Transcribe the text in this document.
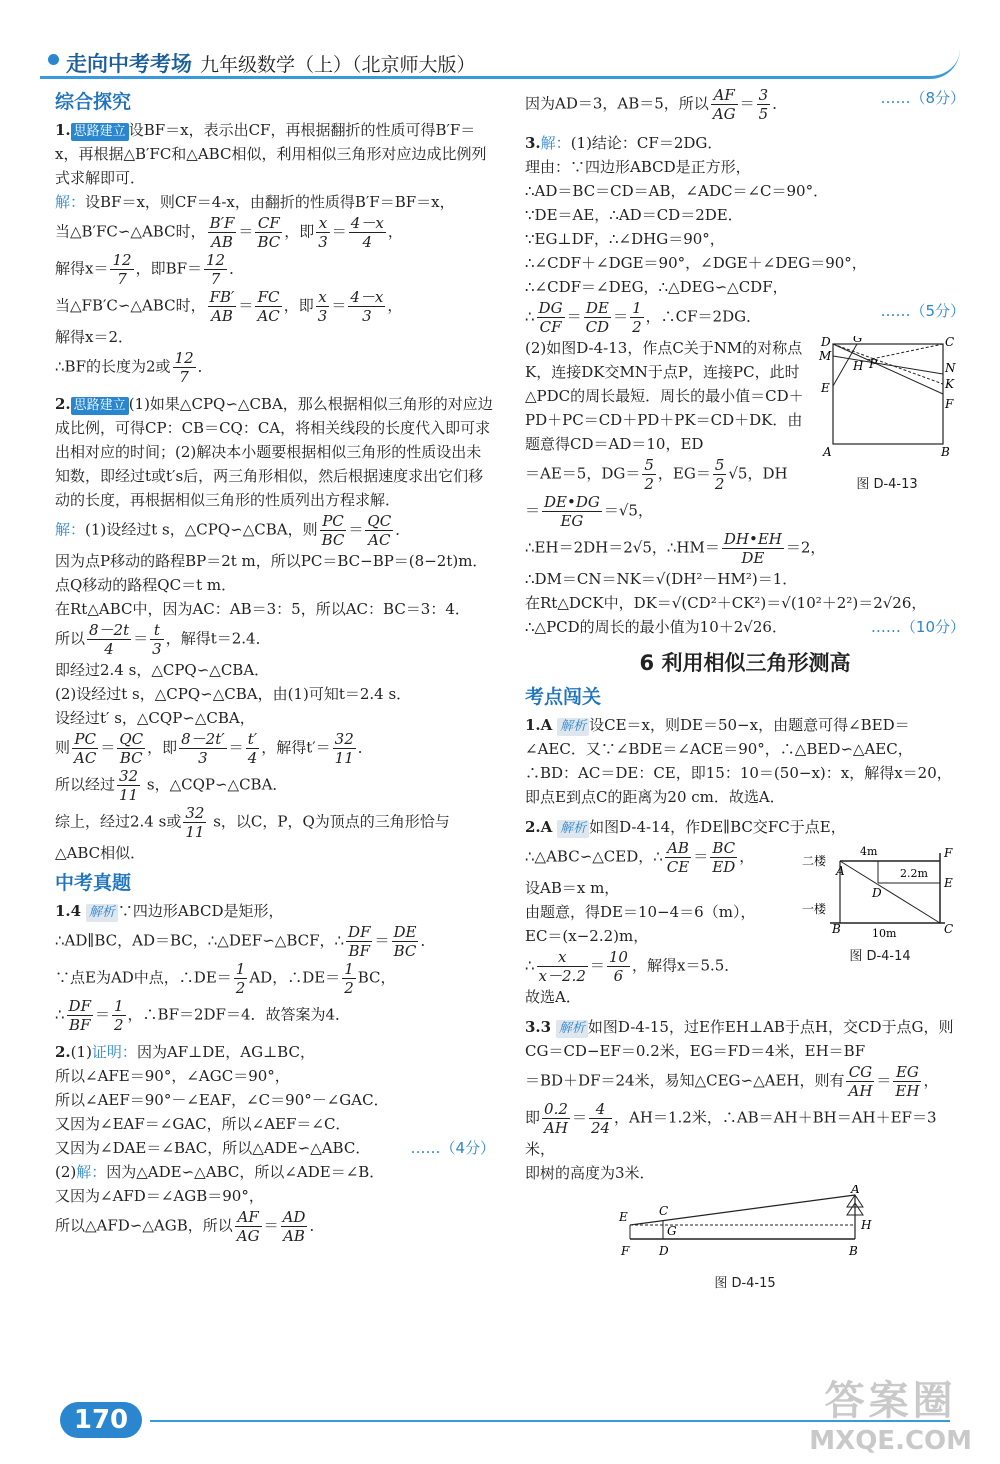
走向中考考场 九年级数学（上）（北京师大版）
综合探究
1. 思路建立 设BF＝x，表示出CF，再根据翻折的性质可得B′F＝x，再根据△B′FC和△ABC相似，利用相似三角形对应边成比例列式求解即可．
解：设BF＝x，则CF＝4-x，由翻折的性质得B′F＝BF＝x，
当△B′FC∽△ABC时， $\frac{B'F}{AB} = \frac{CF}{BC}$ ，即 $\frac{x}{3} = \frac{4-x}{4}$ ，
解得$x= \frac{12}{7}$ ，即$BF= \frac{12}{7}$ ．
当△FB′C∽△ABC时， $\frac{FB'}{AB} = \frac{FC}{AC}$ ，即 $\frac{x}{3} = \frac{4-x}{3}$ ，
解得x＝2．
∴BF的长度为2或 $\frac{12}{7}$ ．
2. 思路建立 (1)如果△CPQ∽△CBA，那么根据相似三角形的对应边成比例，可得CP：CB＝CQ：CA，将相关线段的长度代入即可求出相对应的时间；(2)解决本小题要根据相似三角形的性质设出未知数，即经过t或t′s后，两三角形相似，然后根据速度求出它们移动的长度，再根据相似三角形的性质列出方程求解．
解：(1)设经过t s，△CPQ∽△CBA，则 $\frac{PC}{BC} = \frac{QC}{AC}$ ．
因为点P移动的路程BP＝2t m，所以PC＝BC−BP＝(8−2t)m．
点Q移动的路程QC＝t m．
在Rt△ABC中，因为AC：AB＝3：5，所以AC：BC＝3：4．
所以 $\frac{8-2t}{4} = \frac{t}{3}$ ，解得t＝2.4．
即经过2.4 s，△CPQ∽△CBA．
(2)设经过t s，△CPQ∽△CBA，由(1)可知t＝2.4 s．
设经过t′ s，△CQP∽△CBA，
则 $\frac{PC}{AC} = \frac{QC}{BC}$ ，即 $\frac{8-2t'}{3} = \frac{t'}{4}$ ，解得$t'= \frac{32}{11}$ ．
所以经过 $\frac{32}{11}$ s，△CQP∽△CBA．
综上，经过2.4 s或 $\frac{32}{11}$ s，以C，P，Q为顶点的三角形恰与
△ABC相似．
中考真题
1.4 解析 ∵四边形ABCD是矩形，
∴AD∥BC，AD＝BC，∴△DEF∽△BCF，∴ $\frac{DF}{BF} = \frac{DE}{BC}$ ．
∵点E为AD中点，∴DE＝ $\frac{1}{2}$ AD，∴DE＝ $\frac{1}{2}$ BC，
∴ $\frac{DF}{BF} = \frac{1}{2}$ ，∴BF＝2DF＝4．故答案为4．
2.(1)证明：因为AF⊥DE，AG⊥BC，
所以∠AFE＝90°，∠AGC＝90°，
所以∠AEF＝90°－∠EAF，∠C＝90°－∠GAC．
又因为∠EAF＝∠GAC，所以∠AEF＝∠C．
又因为∠DAE＝∠BAC，所以△ADE∽△ABC．	……（4分）
(2)解：因为△ADE∽△ABC，所以∠ADE＝∠B．
又因为∠AFD＝∠AGB＝90°，
所以△AFD∽△AGB，所以 $\frac{AF}{AG} = \frac{AD}{AB}$ ．
因为AD＝3，AB＝5，所以 $\frac{AF}{AG} = \frac{3}{5}$ ．	……（8分）
3.解：(1)结论：CF＝2DG．
理由：∵四边形ABCD是正方形，
∴AD＝BC＝CD＝AB，∠ADC＝∠C＝90°．
∵DE＝AE，∴AD＝CD＝2DE．
∵EG⊥DF，∴∠DHG＝90°，
∴∠CDF＋∠DGE＝90°，∠DGE＋∠DEG＝90°，
∴∠CDF＝∠DEG，∴△DEG∽△CDF，
∴ $\frac{DG}{CF} = \frac{DE}{CD} = \frac{1}{2}$ ，∴CF＝2DG．	……（5分）
(2)如图D-4-13，作点C关于NM的对称点K，连接DK交MN于点P，连接PC，此时△PDC的周长最短．周长的最小值＝CD＋PD＋PC＝CD＋PD＋PK＝CD＋DK．由题意得CD＝AD＝10，ED
＝AE＝5，$DG= \frac{5}{2}$ ，$EG= \frac{5}{2} √5$，DH
D G	C
M
N
H P
K
E
F
A	B
图 D-4-13
＝ $\frac{DE•DG}{EG} =√5$，
∴EH＝2DH＝2√5，∴HM＝ $\frac{DH•EH}{DE} =2$，
∴DM＝CN＝NK＝√(DH²－HM²)＝1．
在Rt△DCK中，DK＝√(CD²＋CK²)＝√(10²＋2²)＝2√26，
∴△PCD的周长的最小值为10＋2√26．	……（10分）
6 利用相似三角形测高
考点闯关
1.A 解析 设CE＝x，则DE＝50−x，由题意可得∠BED＝∠AEC．又∵∠BDE＝∠ACE＝90°，∴△BED∽△AEC，∴BD：AC＝DE：CE，即15：10＝(50−x)：x，解得x＝20，即点E到点C的距离为20 cm．故选A．
2.A 解析 如图D-4-14，作DE∥BC交FC于点E，
∴△ABC∽△CED，∴ $\frac{AB}{CE} = \frac{BC}{ED}$ ，
设AB＝x m，
由题意，得DE＝10−4＝6（m），
EC＝(x−2.2)m，
∴ $\frac{x}{x-2.2} = \frac{10}{6}$ ，解得x＝5.5．
故选A．
二楼
一楼
4m
2.2m
10m
A
F
D
E
B	C
图 D-4-14
3.3 解析 如图D-4-15，过E作EH⊥AB于点H，交CD于点G，则CG＝CD−EF＝0.2米，EG＝FD＝4米，EH＝BF
＝BD＋DF＝24米，易知△CEG∽△AEH，则有 $\frac{CG}{AH} = \frac{EG}{EH}$ ，
即 $\frac{0.2}{AH} = \frac{4}{24}$ ，AH＝1.2米，∴AB＝AH＋BH＝AH＋EF＝3米，
即树的高度为3米．
E	C
G
A
H
F D	B
图 D-4-15
170	答案圈
MXQE.COM
